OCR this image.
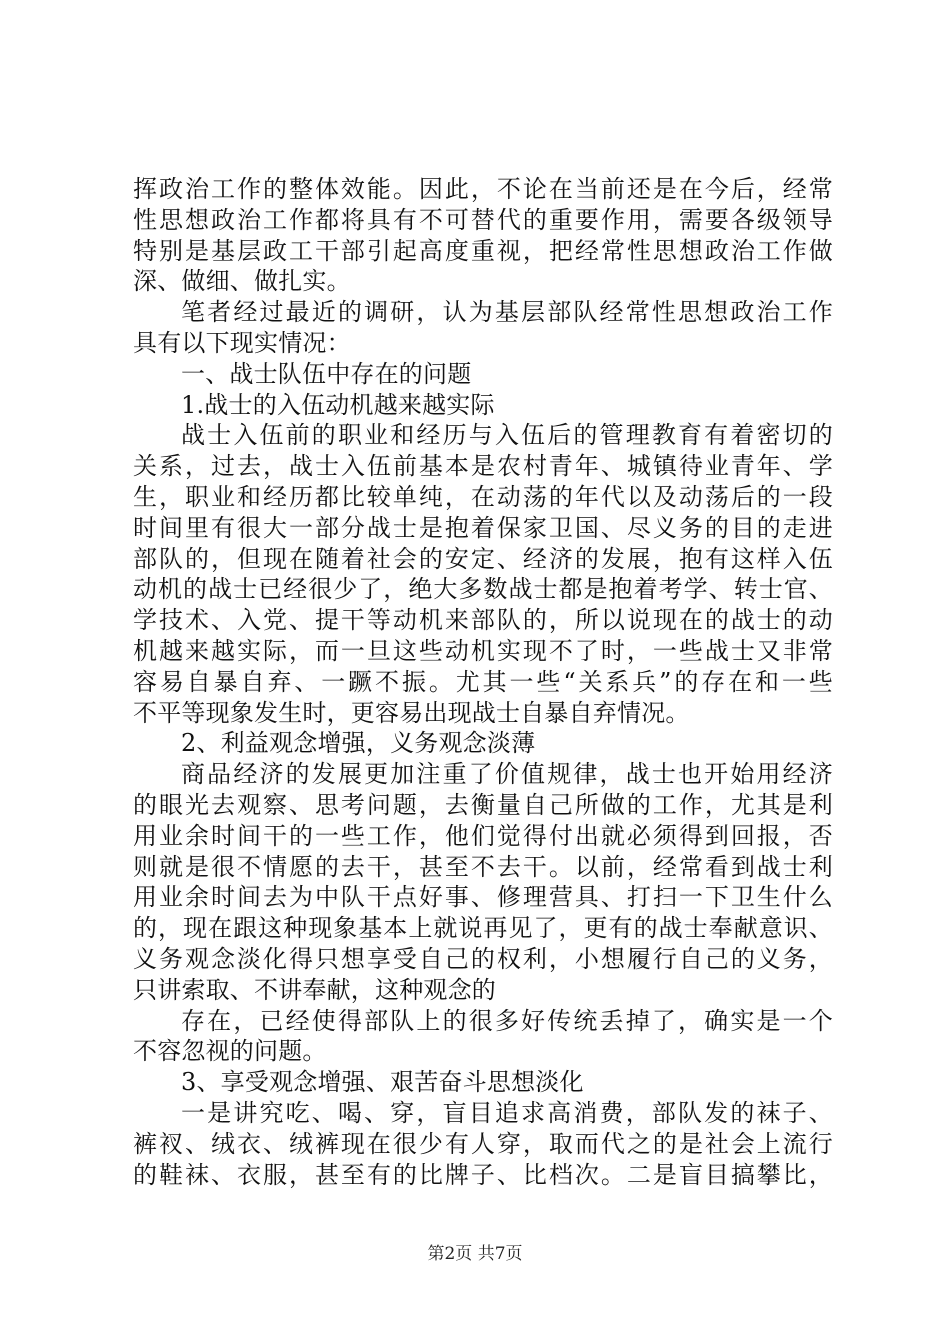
挥政治工作的整体效能。因此，不论在当前还是在今后，经常
性思想政治工作都将具有不可替代的重要作用，需要各级领导
特别是基层政工干部引起高度重视，把经常性思想政治工作做
深、做细、做扎实。
笔者经过最近的调研，认为基层部队经常性思想政治工作
具有以下现实情况：
一、战士队伍中存在的问题
1.战士的入伍动机越来越实际
战士入伍前的职业和经历与入伍后的管理教育有着密切的
关系，过去，战士入伍前基本是农村青年、城镇待业青年、学
生，职业和经历都比较单纯，在动荡的年代以及动荡后的一段
时间里有很大一部分战士是抱着保家卫国、尽义务的目的走进
部队的，但现在随着社会的安定、经济的发展，抱有这样入伍
动机的战士已经很少了，绝大多数战士都是抱着考学、转士官、
学技术、入党、提干等动机来部队的，所以说现在的战士的动
机越来越实际，而一旦这些动机实现不了时，一些战士又非常
容易自暴自弃、一蹶不振。尤其一些“关系兵”的存在和一些
不平等现象发生时，更容易出现战士自暴自弃情况。
2、利益观念增强，义务观念淡薄
商品经济的发展更加注重了价值规律，战士也开始用经济
的眼光去观察、思考问题，去衡量自己所做的工作，尤其是利
用业余时间干的一些工作，他们觉得付出就必须得到回报，否
则就是很不情愿的去干，甚至不去干。以前，经常看到战士利
用业余时间去为中队干点好事、修理营具、打扫一下卫生什么
的，现在跟这种现象基本上就说再见了，更有的战士奉献意识、
义务观念淡化得只想享受自己的权利，小想履行自己的义务，
只讲索取、不讲奉献，这种观念的
存在，已经使得部队上的很多好传统丢掉了，确实是一个
不容忽视的问题。
3、享受观念增强、艰苦奋斗思想淡化
一是讲究吃、喝、穿，盲目追求高消费，部队发的袜子、
裤衩、绒衣、绒裤现在很少有人穿，取而代之的是社会上流行
的鞋袜、衣服，甚至有的比牌子、比档次。二是盲目搞攀比，
第2页 共7页
